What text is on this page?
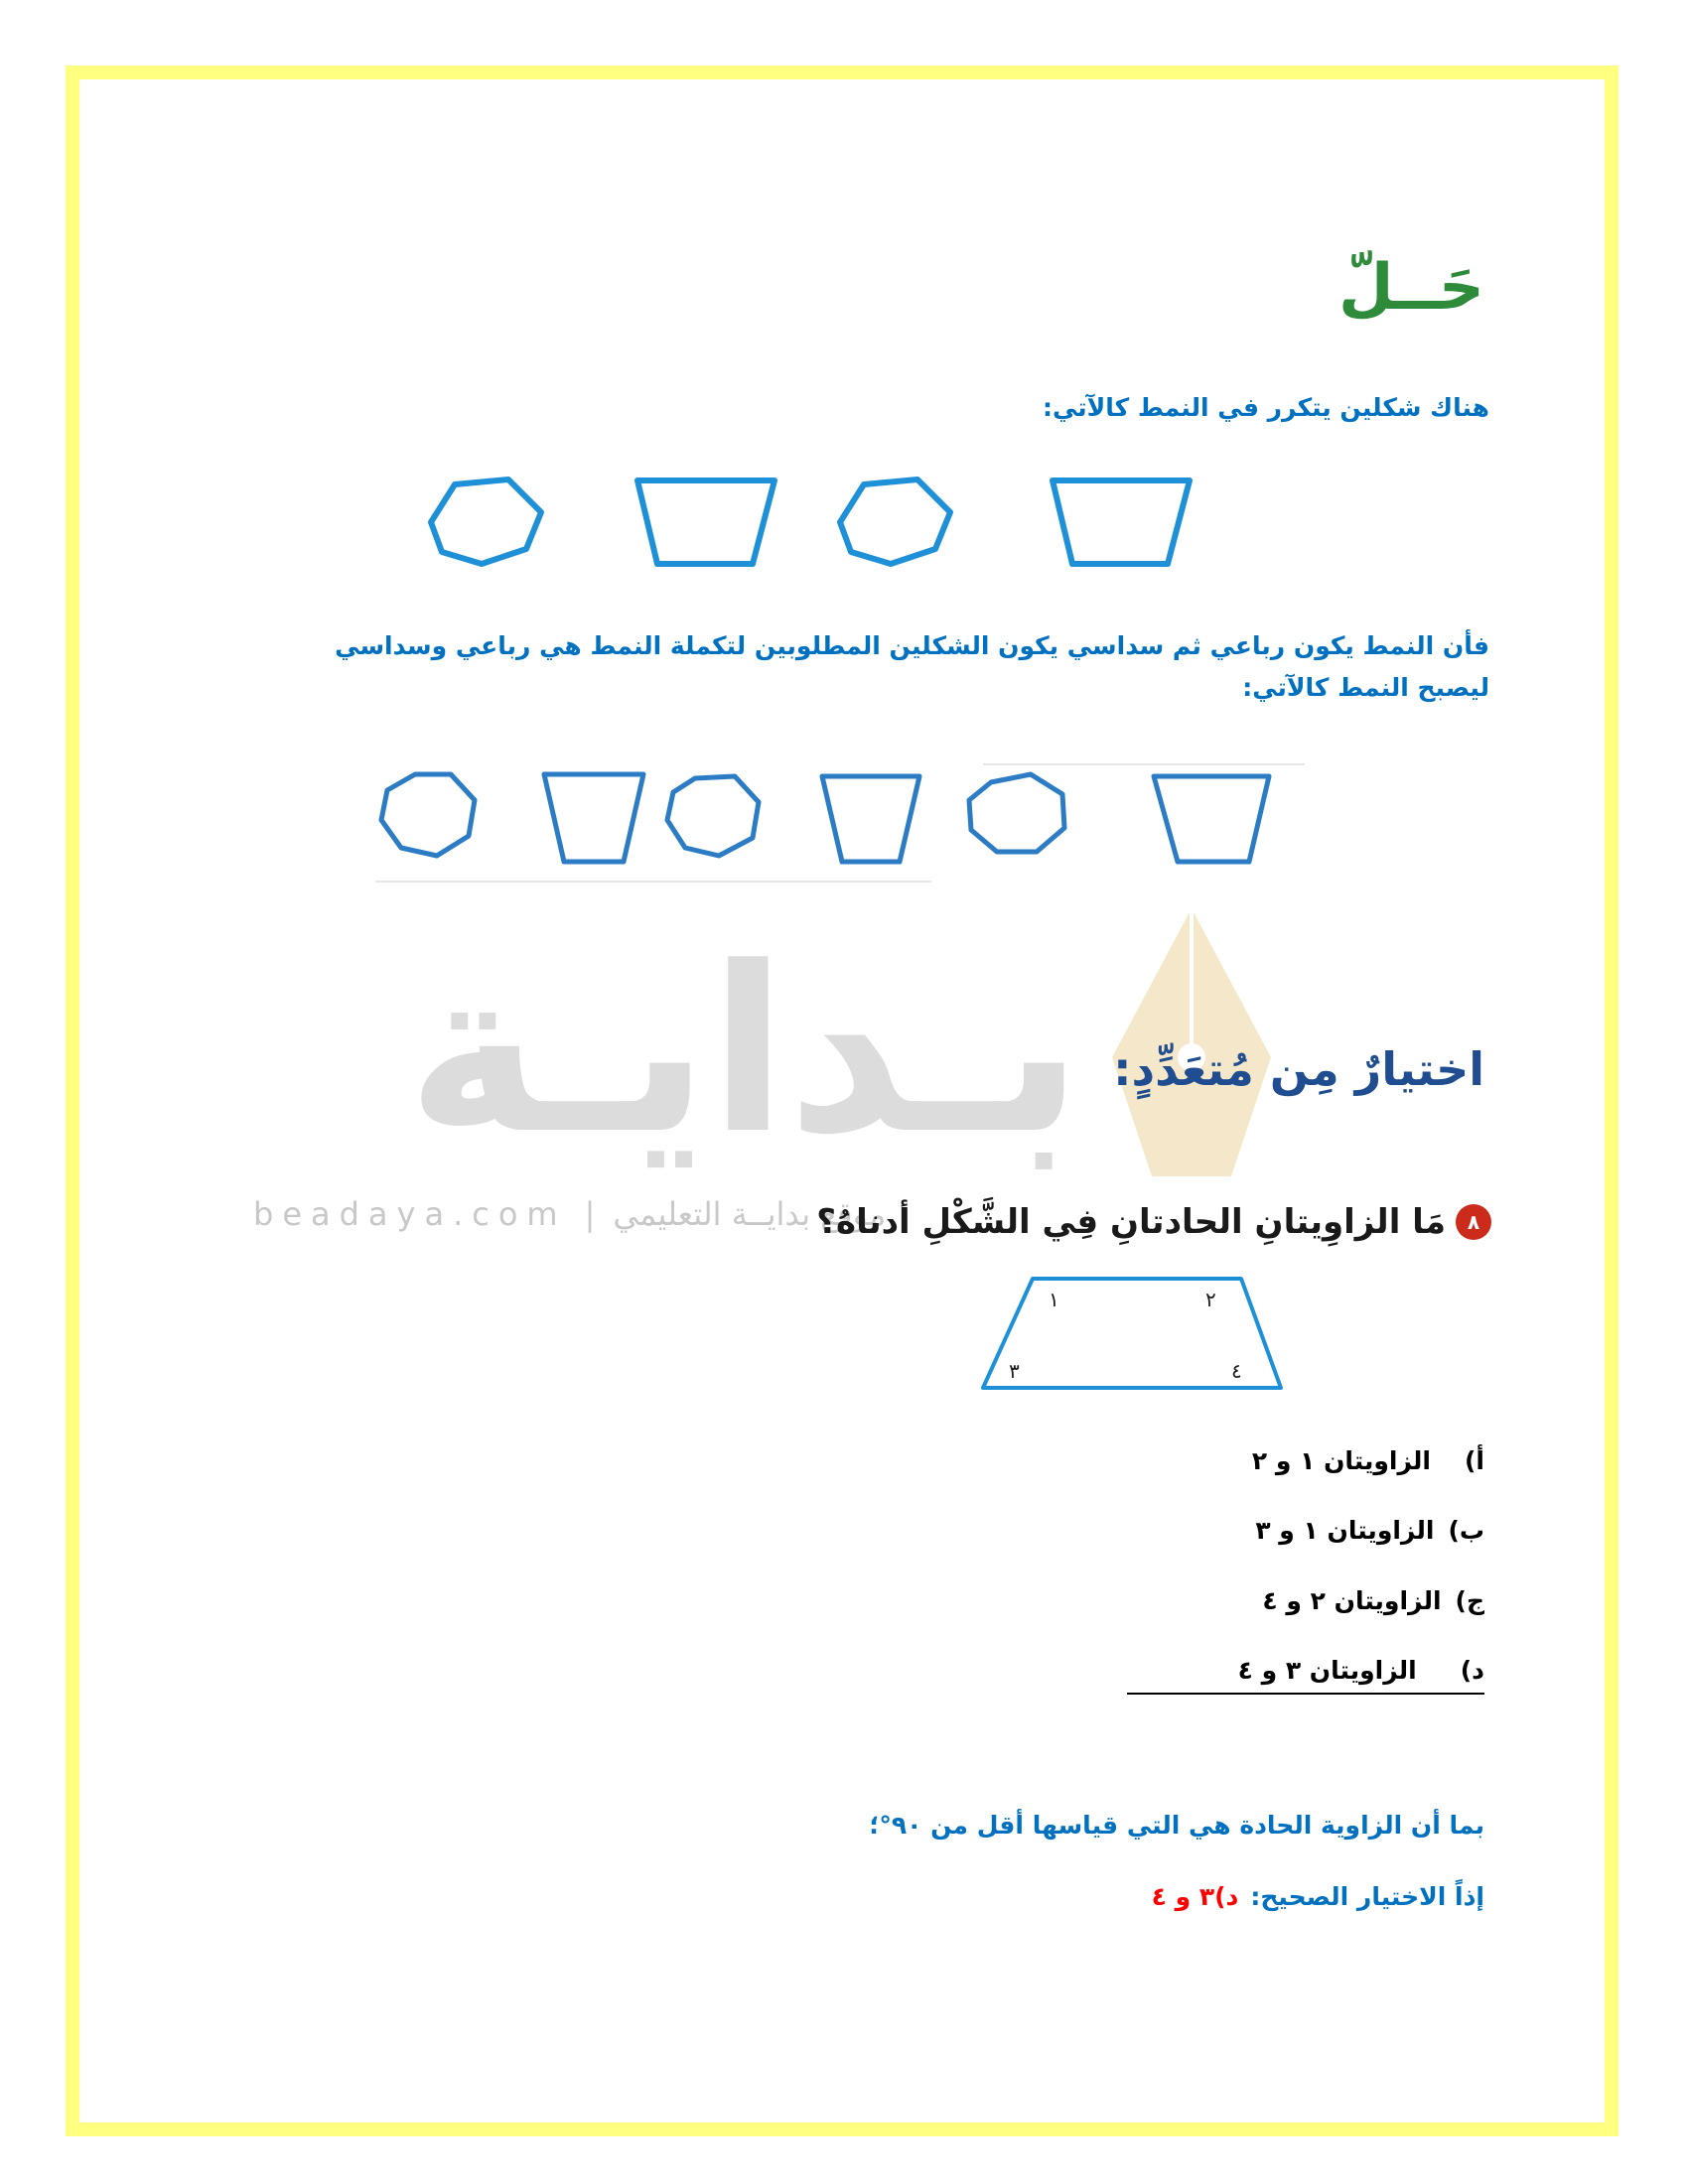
بـدايـة
beadaya.com | موقع بدايــة التعليمي
حَــلّ
هناك شكلين يتكرر في النمط كالآتي:
فأن النمط يكون رباعي ثم سداسي يكون الشكلين المطلوبين لتكملة النمط هي رباعي وسداسي ليصبح النمط كالآتي:
اختيارٌ مِن مُتعَدِّدٍ:
٨
مَا الزاوِيتانِ الحادتانِ فِي الشَّكْلِ أدناهُ؟
١	٢
٣	٤
أ)
الزاويتان ١ و ٢
ب)
الزاويتان ١ و ٣
ج)
الزاويتان ٢ و ٤
د)
الزاويتان ٣ و ٤
بما أن الزاوية الحادة هي التي قياسها أقل من ٩٠°؛
إذاً الاختيار الصحيح:
د)٣ و ٤
